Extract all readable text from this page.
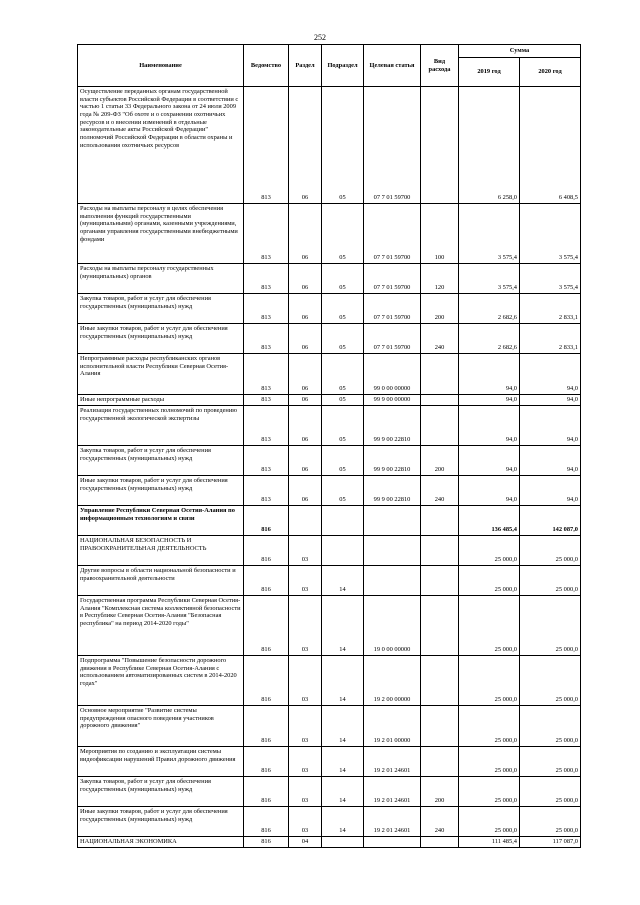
252
Наименование	Ведомство	Раздел	Подраздел	Целевая статья	Вид расхода	Сумма	
						2019 год	2020 год
Осуществление переданных органам государственной власти субъектов Российской Федерации в соответствии с частью 1 статьи 33 Федерального закона от 24 июля 2009 года № 209-ФЗ "Об охоте и о сохранении охотничьих ресурсов и о внесении изменений в отдельные законодательные акты Российской Федерации" полномочий Российской Федерации в области охраны и использования охотничьих ресурсов	813	06	05	07 7 01 59700		6 258,0	6 408,5
Расходы на выплаты персоналу в целях обеспечения выполнения функций государственными (муниципальными) органами, казенными учреждениями, органами управления государственными внебюджетными фондами	813	06	05	07 7 01 59700	100	3 575,4	3 575,4
Расходы на выплаты персоналу государственных (муниципальных) органов	813	06	05	07 7 01 59700	120	3 575,4	3 575,4
Закупка товаров, работ и услуг для обеспечения государственных (муниципальных) нужд	813	06	05	07 7 01 59700	200	2 682,6	2 833,1
Иные закупки товаров, работ и услуг для обеспечения государственных (муниципальных) нужд	813	06	05	07 7 01 59700	240	2 682,6	2 833,1
Непрограммные расходы республиканских органов исполнительной власти Республики Северная Осетия-Алания	813	06	05	99 0 00 00000		94,0	94,0
Иные непрограммные расходы	813	06	05	99 9 00 00000		94,0	94,0
Реализация государственных полномочий по проведению государственной экологической экспертизы	813	06	05	99 9 00 22810		94,0	94,0
Закупка товаров, работ и услуг для обеспечения государственных (муниципальных) нужд	813	06	05	99 9 00 22810	200	94,0	94,0
Иные закупки товаров, работ и услуг для обеспечения государственных (муниципальных) нужд	813	06	05	99 9 00 22810	240	94,0	94,0
Управление Республики Северная Осетия-Алания по информационным технологиям и связи	816					136 485,4	142 087,0
НАЦИОНАЛЬНАЯ БЕЗОПАСНОСТЬ И ПРАВООХРАНИТЕЛЬНАЯ ДЕЯТЕЛЬНОСТЬ	816	03				25 000,0	25 000,0
Другие вопросы в области национальной безопасности и правоохранительной деятельности	816	03	14			25 000,0	25 000,0
Государственная программа Республики Северная Осетия-Алания "Комплексная система коллективной безопасности в Республике Северная Осетия-Алания "Безопасная республика" на период 2014-2020 годы"	816	03	14	19 0 00 00000		25 000,0	25 000,0
Подпрограмма "Повышение безопасности дорожного движения в Республике Северная Осетия-Алания с использованием автоматизированных систем в 2014-2020 годах"	816	03	14	19 2 00 00000		25 000,0	25 000,0
Основное мероприятие "Развитие системы предупреждения опасного поведения участников дорожного движения"	816	03	14	19 2 01 00000		25 000,0	25 000,0
Мероприятия по созданию и эксплуатации системы видеофиксации нарушений Правил дорожного движения	816	03	14	19 2 01 24601		25 000,0	25 000,0
Закупка товаров, работ и услуг для обеспечения государственных (муниципальных) нужд	816	03	14	19 2 01 24601	200	25 000,0	25 000,0
Иные закупки товаров, работ и услуг для обеспечения государственных (муниципальных) нужд	816	03	14	19 2 01 24601	240	25 000,0	25 000,0
НАЦИОНАЛЬНАЯ ЭКОНОМИКА	816	04				111 485,4	117 087,0
